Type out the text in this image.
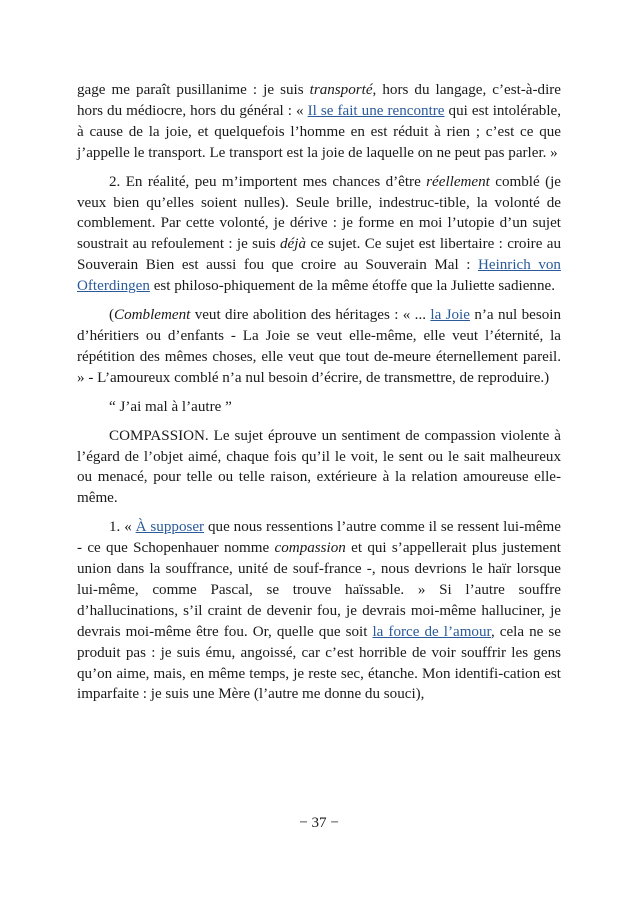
gage me paraît pusillanime : je suis transporté, hors du langage, c’est-à-dire hors du médiocre, hors du général : « Il se fait une rencontre qui est intolérable, à cause de la joie, et quelquefois l’homme en est réduit à rien ; c’est ce que j’appelle le transport. Le transport est la joie de laquelle on ne peut pas parler. »

2. En réalité, peu m’importent mes chances d’être réellement comblé (je veux bien qu’elles soient nulles). Seule brille, indestruc-tible, la volonté de comblement. Par cette volonté, je dérive : je forme en moi l’utopie d’un sujet soustrait au refoulement : je suis déjà ce sujet. Ce sujet est libertaire : croire au Souverain Bien est aussi fou que croire au Souverain Mal : Heinrich von Ofterdingen est philoso-phiquement de la même étoffe que la Juliette sadienne.

(Comblement veut dire abolition des héritages : « ... la Joie n’a nul besoin d’héritiers ou d’enfants - La Joie se veut elle-même, elle veut l’éternité, la répétition des mêmes choses, elle veut que tout de-meure éternellement pareil. » - L’amoureux comblé n’a nul besoin d’écrire, de transmettre, de reproduire.)

“ J’ai mal à l’autre ”

COMPASSION. Le sujet éprouve un sentiment de compassion violente à l’égard de l’objet aimé, chaque fois qu’il le voit, le sent ou le sait malheureux ou menacé, pour telle ou telle raison, extérieure à la relation amoureuse elle-même.

1. « À supposer que nous ressentions l’autre comme il se ressent lui-même - ce que Schopenhauer nomme compassion et qui s’appellerait plus justement union dans la souffrance, unité de souf-france -, nous devrions le haïr lorsque lui-même, comme Pascal, se trouve haïssable. » Si l’autre souffre d’hallucinations, s’il craint de devenir fou, je devrais moi-même halluciner, je devrais moi-même être fou. Or, quelle que soit la force de l’amour, cela ne se produit pas : je suis ému, angoissé, car c’est horrible de voir souffrir les gens qu’on aime, mais, en même temps, je reste sec, étanche. Mon identifi-cation est imparfaite : je suis une Mère (l’autre me donne du souci),

− 37 −
